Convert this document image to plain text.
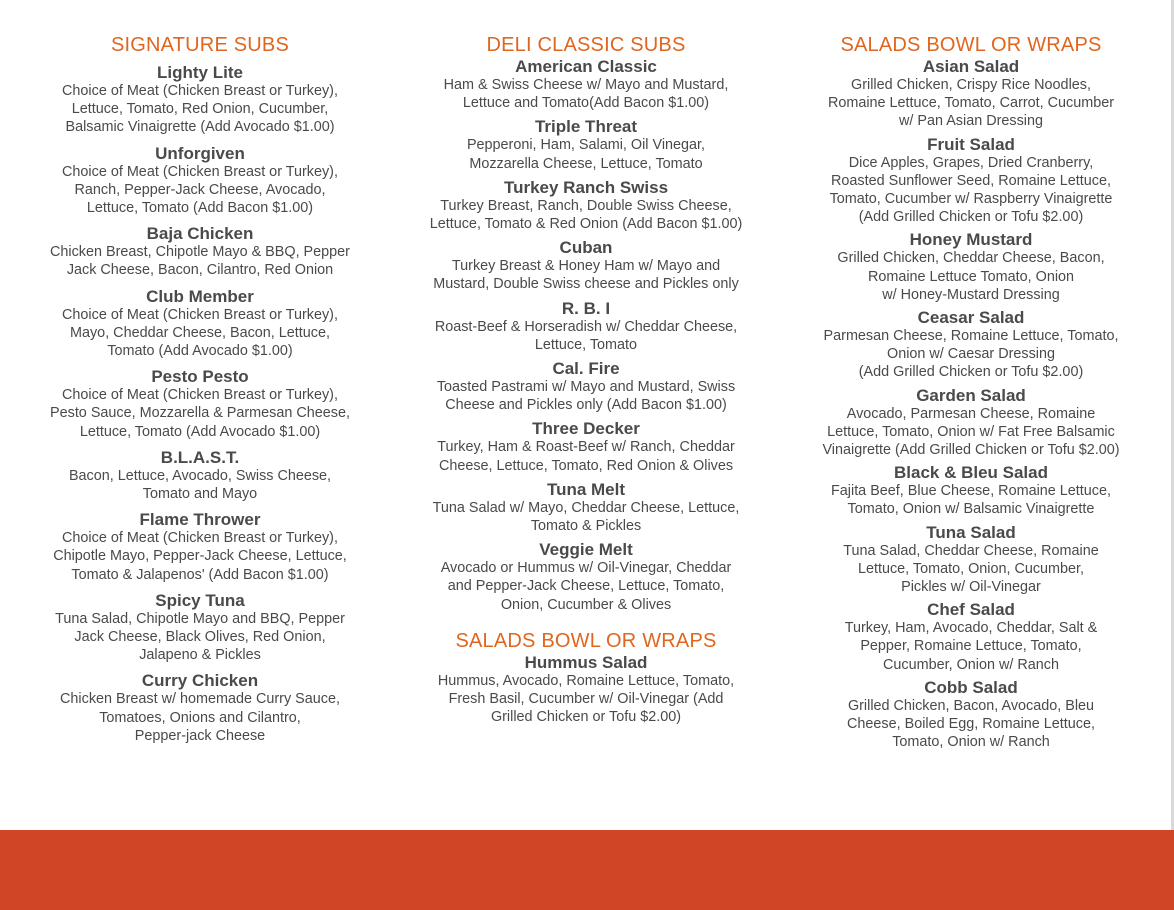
SIGNATURE SUBS
Lighty Lite
Choice of Meat (Chicken Breast or Turkey),
Lettuce, Tomato, Red Onion, Cucumber,
Balsamic Vinaigrette (Add Avocado $1.00)
Unforgiven
Choice of Meat (Chicken Breast or Turkey),
Ranch, Pepper-Jack Cheese, Avocado,
Lettuce, Tomato (Add Bacon $1.00)
Baja Chicken
Chicken Breast, Chipotle Mayo & BBQ, Pepper
Jack Cheese, Bacon, Cilantro, Red Onion
Club Member
Choice of Meat (Chicken Breast or Turkey),
Mayo, Cheddar Cheese, Bacon, Lettuce,
Tomato (Add Avocado $1.00)
Pesto Pesto
Choice of Meat (Chicken Breast or Turkey),
Pesto Sauce, Mozzarella & Parmesan Cheese,
Lettuce, Tomato (Add Avocado $1.00)
B.L.A.S.T.
Bacon, Lettuce, Avocado, Swiss Cheese,
Tomato and Mayo
Flame Thrower
Choice of Meat (Chicken Breast or Turkey),
Chipotle Mayo, Pepper-Jack Cheese, Lettuce,
Tomato & Jalapenos' (Add Bacon $1.00)
Spicy Tuna
Tuna Salad, Chipotle Mayo and BBQ, Pepper
Jack Cheese, Black Olives, Red Onion,
Jalapeno & Pickles
Curry Chicken
Chicken Breast w/ homemade Curry Sauce,
Tomatoes, Onions and Cilantro,
Pepper-jack Cheese
DELI CLASSIC SUBS
American Classic
Ham & Swiss Cheese w/ Mayo and Mustard,
Lettuce and Tomato(Add Bacon $1.00)
Triple Threat
Pepperoni, Ham, Salami, Oil Vinegar,
Mozzarella Cheese, Lettuce, Tomato
Turkey Ranch Swiss
Turkey Breast, Ranch, Double Swiss Cheese,
Lettuce, Tomato & Red Onion (Add Bacon $1.00)
Cuban
Turkey Breast & Honey Ham w/ Mayo and
Mustard, Double Swiss cheese and Pickles only
R. B. I
Roast-Beef & Horseradish w/ Cheddar Cheese,
Lettuce, Tomato
Cal. Fire
Toasted Pastrami w/ Mayo and Mustard, Swiss
Cheese and Pickles only (Add Bacon $1.00)
Three Decker
Turkey, Ham & Roast-Beef w/ Ranch, Cheddar
Cheese, Lettuce, Tomato, Red Onion & Olives
Tuna Melt
Tuna Salad w/ Mayo, Cheddar Cheese, Lettuce,
Tomato & Pickles
Veggie Melt
Avocado or Hummus w/ Oil-Vinegar, Cheddar
and Pepper-Jack Cheese, Lettuce, Tomato,
Onion, Cucumber & Olives
SALADS BOWL OR WRAPS
Hummus Salad
Hummus, Avocado, Romaine Lettuce, Tomato,
Fresh Basil, Cucumber w/ Oil-Vinegar (Add
Grilled Chicken or Tofu $2.00)
SALADS BOWL OR WRAPS
Asian Salad
Grilled Chicken, Crispy Rice Noodles,
Romaine Lettuce, Tomato, Carrot, Cucumber
w/ Pan Asian Dressing
Fruit Salad
Dice Apples, Grapes, Dried Cranberry,
Roasted Sunflower Seed, Romaine Lettuce,
Tomato, Cucumber w/ Raspberry Vinaigrette
(Add Grilled Chicken or Tofu $2.00)
Honey Mustard
Grilled Chicken, Cheddar Cheese, Bacon,
Romaine Lettuce Tomato, Onion
w/ Honey-Mustard Dressing
Ceasar Salad
Parmesan Cheese, Romaine Lettuce, Tomato,
Onion w/ Caesar Dressing
(Add Grilled Chicken or Tofu $2.00)
Garden Salad
Avocado, Parmesan Cheese, Romaine
Lettuce, Tomato, Onion w/ Fat Free Balsamic
Vinaigrette (Add Grilled Chicken or Tofu $2.00)
Black & Bleu Salad
Fajita Beef, Blue Cheese, Romaine Lettuce,
Tomato, Onion w/ Balsamic Vinaigrette
Tuna Salad
Tuna Salad, Cheddar Cheese, Romaine
Lettuce, Tomato, Onion, Cucumber,
Pickles w/ Oil-Vinegar
Chef Salad
Turkey, Ham, Avocado, Cheddar, Salt &
Pepper, Romaine Lettuce, Tomato,
Cucumber, Onion w/ Ranch
Cobb Salad
Grilled Chicken, Bacon, Avocado, Bleu
Cheese, Boiled Egg, Romaine Lettuce,
Tomato, Onion w/ Ranch
